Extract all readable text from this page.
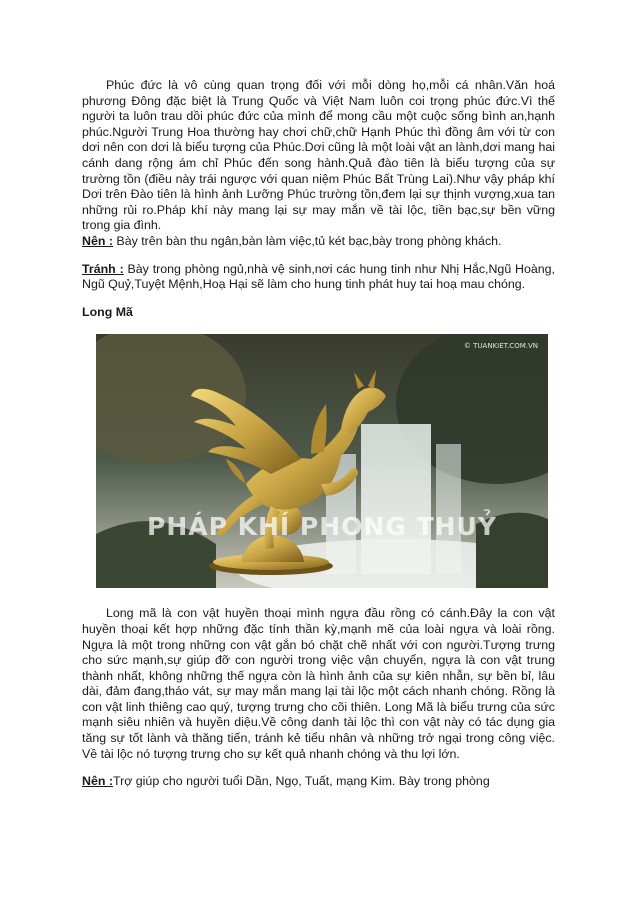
Phúc đức là vô cùng quan trọng đối với mỗi dòng họ,mỗi cá nhân.Văn hoá phương Đông đặc biệt là Trung Quốc và Việt Nam luôn coi trọng phúc đức.Vì thế người ta luôn trau dồi phúc đức của mình để mong cầu một cuộc sống bình an,hạnh phúc.Người Trung Hoa thường hay chơi chữ,chữ Hạnh Phúc thì đồng âm với từ con dơi nên con dơi là biểu tượng của Phúc.Dơi cũng là một loài vật an lành,dơi mang hai cánh dang rộng ám chỉ Phúc đến song hành.Quả đào tiên là biểu tượng của sự trường tồn (điều này trái ngược với quan niệm Phúc Bất Trùng Lai).Như vậy pháp khí Dơi trên Đào tiên là hình ảnh Lưỡng Phúc trường tồn,đem lại sự thịnh vượng,xua tan những rủi ro.Pháp khí này mang lại sự may mắn về tài lộc, tiền bạc,sự bền vững trong gia đình.

Nên : Bày trên bàn thu ngân,bàn làm việc,tủ két bạc,bày trong phòng khách.

Tránh : Bày trong phòng ngủ,nhà vệ sinh,nơi các hung tinh như Nhị Hắc,Ngũ Hoàng, Ngũ Quỷ,Tuyệt Mệnh,Hoạ Hại sẽ làm cho hung tinh phát huy tai hoạ mau chóng.

Long Mã
© TUANKIET.COM.VN
PHÁP KHÍ PHONG THUỶ

Long mã là con vật huyền thoại mình ngựa đầu rồng có cánh.Đây la con vật huyền thoại kết hợp những đặc tính thần kỳ,mạnh mẽ của loài ngựa và loài rồng. Ngựa là một trong những con vật gắn bó chặt chẽ nhất với con người.Tượng trưng cho sức mạnh,sự giúp đỡ con người trong việc vận chuyển, ngựa là con vật trung thành nhất, không những thế ngựa còn là hình ảnh của sự kiên nhẫn, sự bền bỉ, lâu dài, đảm đang,tháo vát, sự may mắn mang lại tài lộc một cách nhanh chóng. Rồng là con vật linh thiêng cao quý, tượng trưng cho cõi thiên. Long Mã là biểu trưng của sức mạnh siêu nhiên và huyền diệu.Về công danh tài lộc thì con vật này có tác dụng gia tăng sự tốt lành và thăng tiến, tránh kẻ tiểu nhân và những trở ngại trong công việc. Về tài lộc nó tượng trưng cho sự kết quả nhanh chóng và thu lợi lớn.

Nên :Trợ giúp cho người tuổi Dần, Ngọ, Tuất, mạng Kim. Bày trong phòng
